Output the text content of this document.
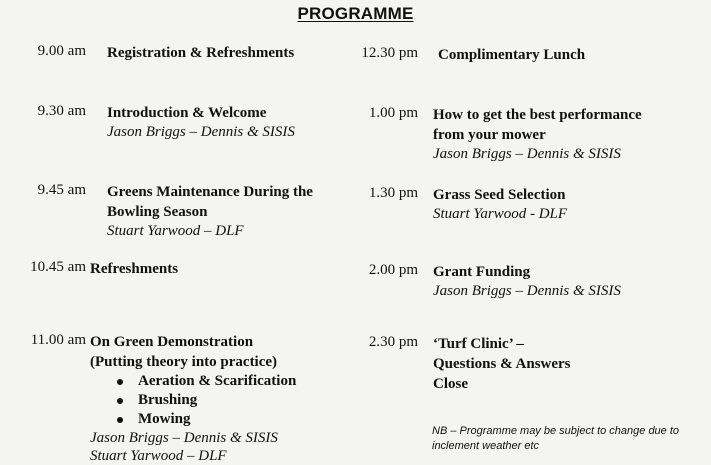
PROGRAMME
9.00 am Registration & Refreshments
9.30 am Introduction & Welcome
Jason Briggs – Dennis & SISIS
9.45 am Greens Maintenance During the
Bowling Season
Stuart Yarwood – DLF
10.45 am Refreshments
11.00 am On Green Demonstration
(Putting theory into practice)
Aeration & Scarification
Brushing
Mowing
Jason Briggs – Dennis & SISIS
Stuart Yarwood – DLF
12.30 pm Complimentary Lunch
1.00 pm How to get the best performance
from your mower
Jason Briggs – Dennis & SISIS
1.30 pm Grass Seed Selection
Stuart Yarwood - DLF
2.00 pm Grant Funding
Jason Briggs – Dennis & SISIS
2.30 pm ‘Turf Clinic’ –
Questions & Answers
Close
NB – Programme may be subject to change due to inclement weather etc
